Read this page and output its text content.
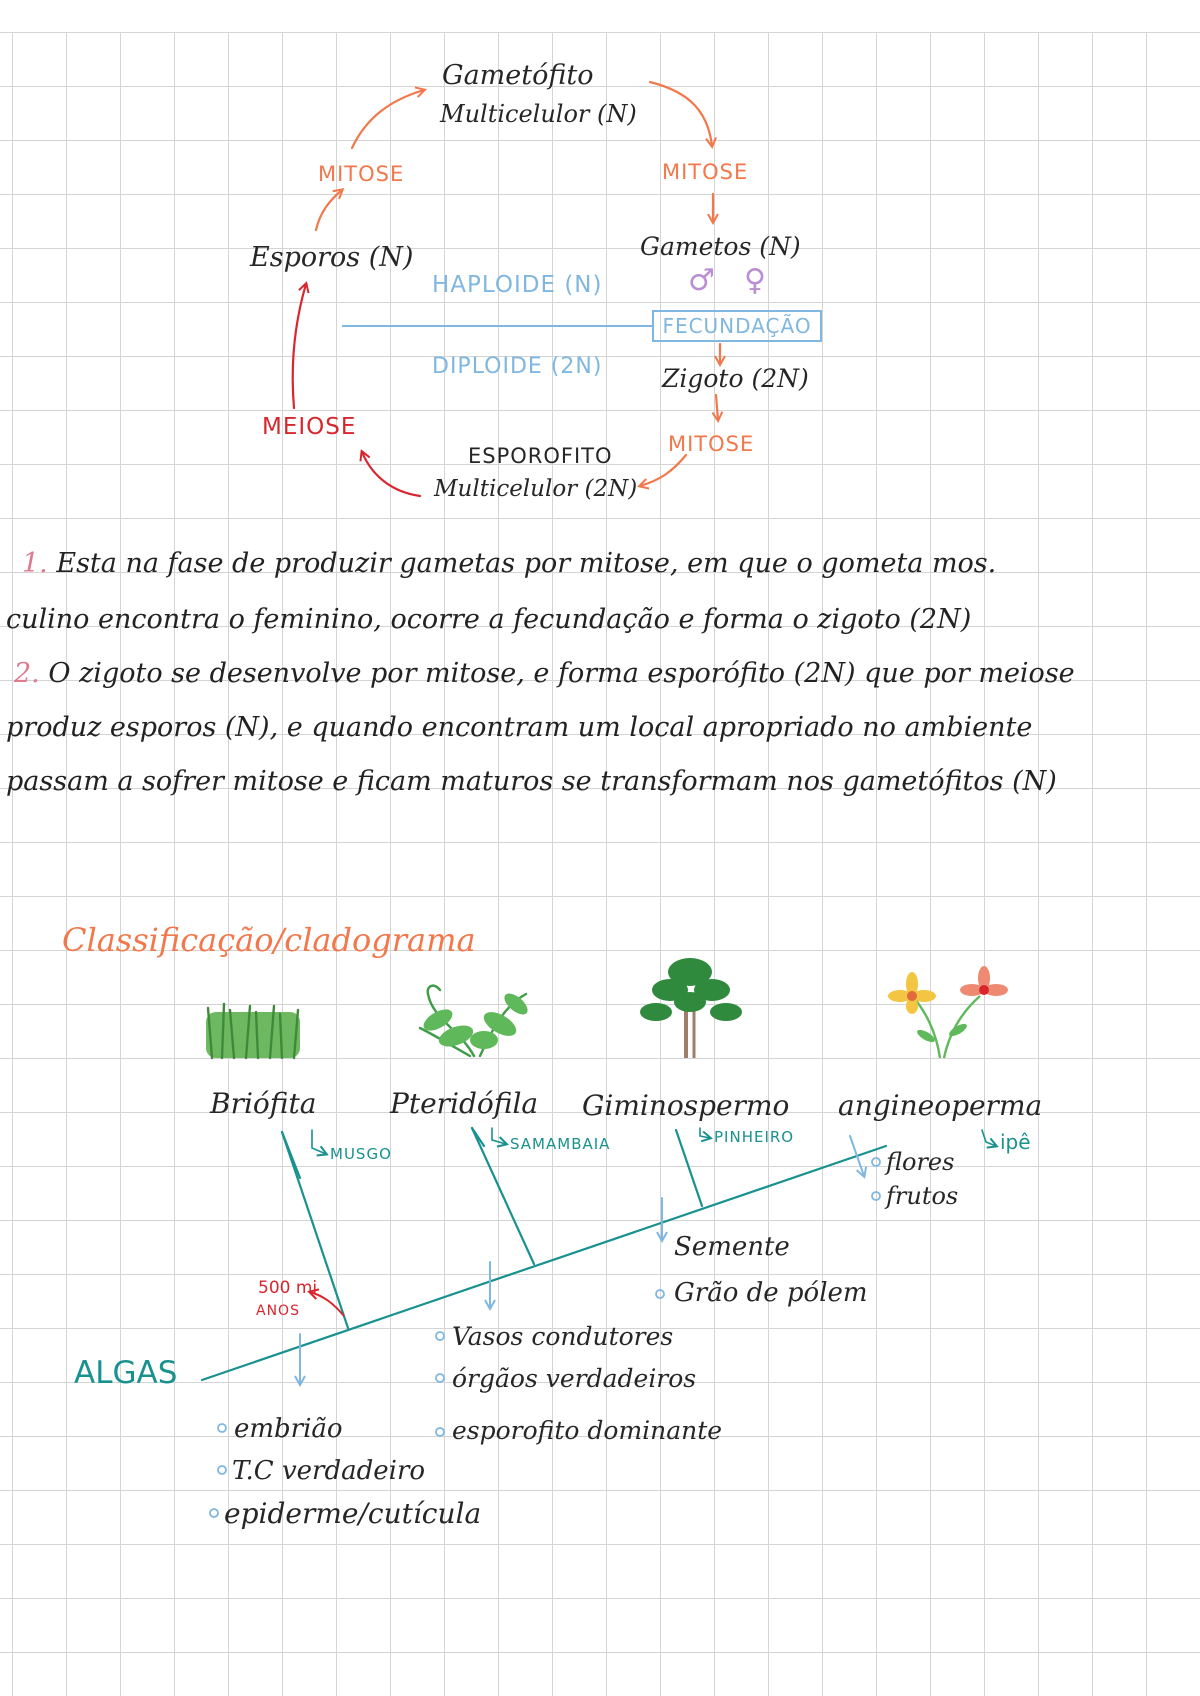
Gametófito
Multicelulor (N)
MITOSE	MITOSE
Esporos (N)	Gametos (N)
♂ ♀
HAPLOIDE (N)
FECUNDAÇÃO
DIPLOIDE (2N) Zigoto (2N)
MEIOSE
MITOSE
ESPOROFITO
Multicelulor (2N)
1. Esta na fase de produzir gametas por mitose, em que o gometa mos.
culino encontra o feminino, ocorre a fecundação e forma o zigoto (2N)
2. O zigoto se desenvolve por mitose, e forma esporófito (2N) que por meiose
produz esporos (N), e quando encontram um local apropriado no ambiente
passam a sofrer mitose e ficam maturos se transformam nos gametófitos (N)
Classificação/cladograma
Briófita	Pteridófila Giminospermo angineoperma
MUSGO
SAMAMBAIA	PINHEIRO	ipê
ALGAS
500 mi
ANOS
embrião
T.C verdadeiro
epiderme/cutícula
Vasos condutores
órgãos verdadeiros
esporofito dominante
Semente
Grão de pólem
flores
frutos
